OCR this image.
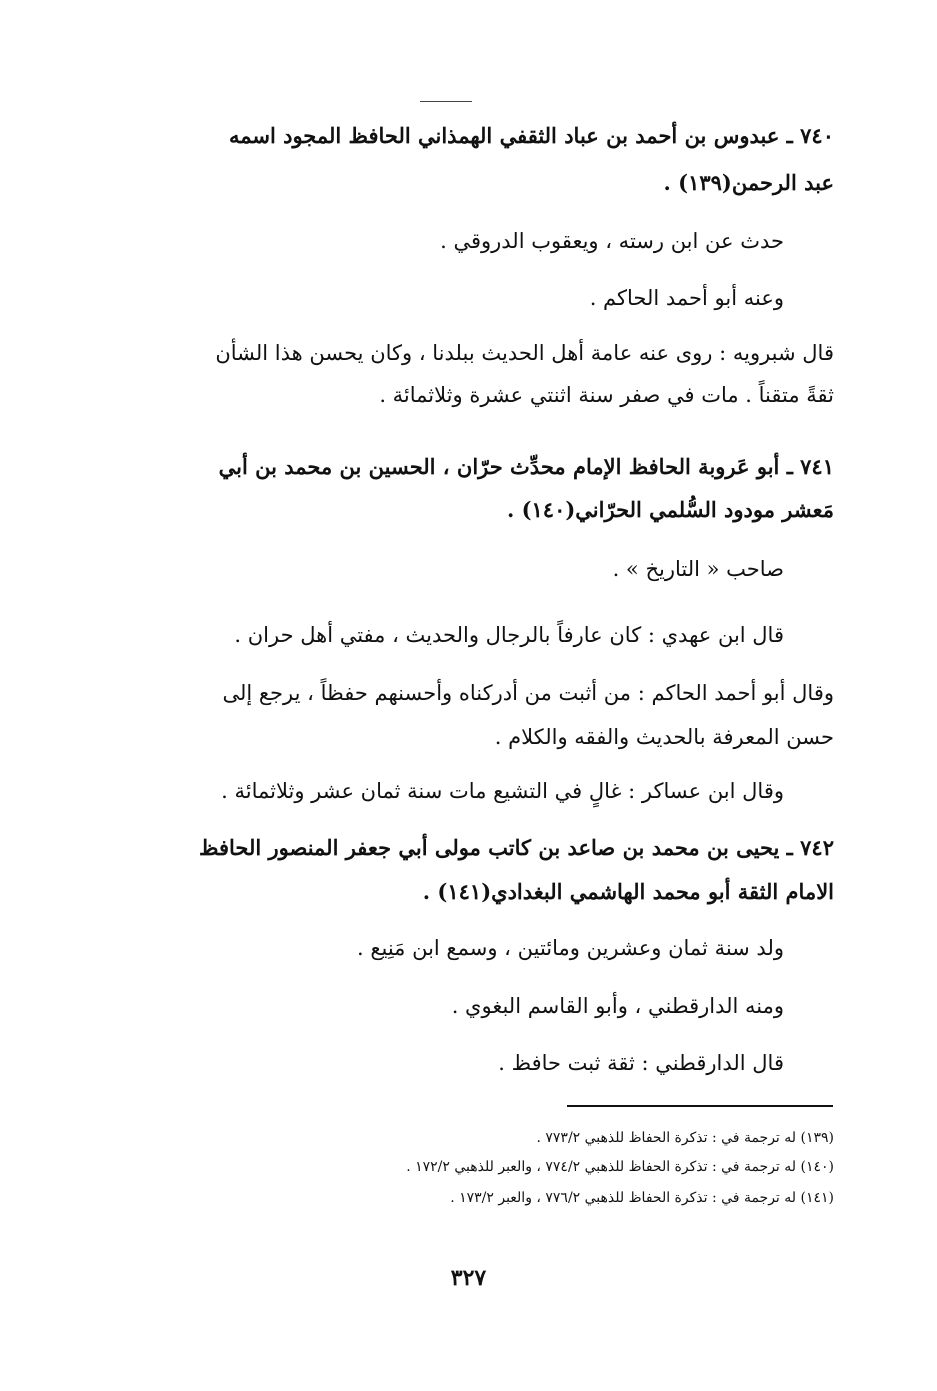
٧٤٠ ـ عبدوس بن أحمد بن عباد الثقفي الهمذاني الحافظ المجود اسمه
عبد الرحمن(١٣٩) .
حدث عن ابن رسته ، ويعقوب الدروقي .
وعنه أبو أحمد الحاكم .
قال شبرويه : روى عنه عامة أهل الحديث ببلدنا ، وكان يحسن هذا الشأن
ثقةً متقناً . مات في صفر سنة اثنتي عشرة وثلاثمائة .
٧٤١ ـ أبو عَروبة الحافظ الإمام محدِّث حرّان ، الحسين بن محمد بن أبي
مَعشر مودود السُّلمي الحرّاني(١٤٠) .
صاحب « التاريخ » .
قال ابن عهدي : كان عارفاً بالرجال والحديث ، مفتي أهل حران .
وقال أبو أحمد الحاكم : من أثبت من أدركناه وأحسنهم حفظاً ، يرجع إلى
حسن المعرفة بالحديث والفقه والكلام .
وقال ابن عساكر : غالٍ في التشيع مات سنة ثمان عشر وثلاثمائة .
٧٤٢ ـ يحيى بن محمد بن صاعد بن كاتب مولى أبي جعفر المنصور الحافظ
الامام الثقة أبو محمد الهاشمي البغدادي(١٤١) .
ولد سنة ثمان وعشرين ومائتين ، وسمع ابن مَنِيع .
ومنه الدارقطني ، وأبو القاسم البغوي .
قال الدارقطني : ثقة ثبت حافظ .
(١٣٩) له ترجمة في : تذكرة الحفاظ للذهبي ٧٧٣/٢ .
(١٤٠) له ترجمة في : تذكرة الحفاظ للذهبي ٧٧٤/٢ ، والعبر للذهبي ١٧٢/٢ .
(١٤١) له ترجمة في : تذكرة الحفاظ للذهبي ٧٧٦/٢ ، والعبر ١٧٣/٢ .
٣٢٧
